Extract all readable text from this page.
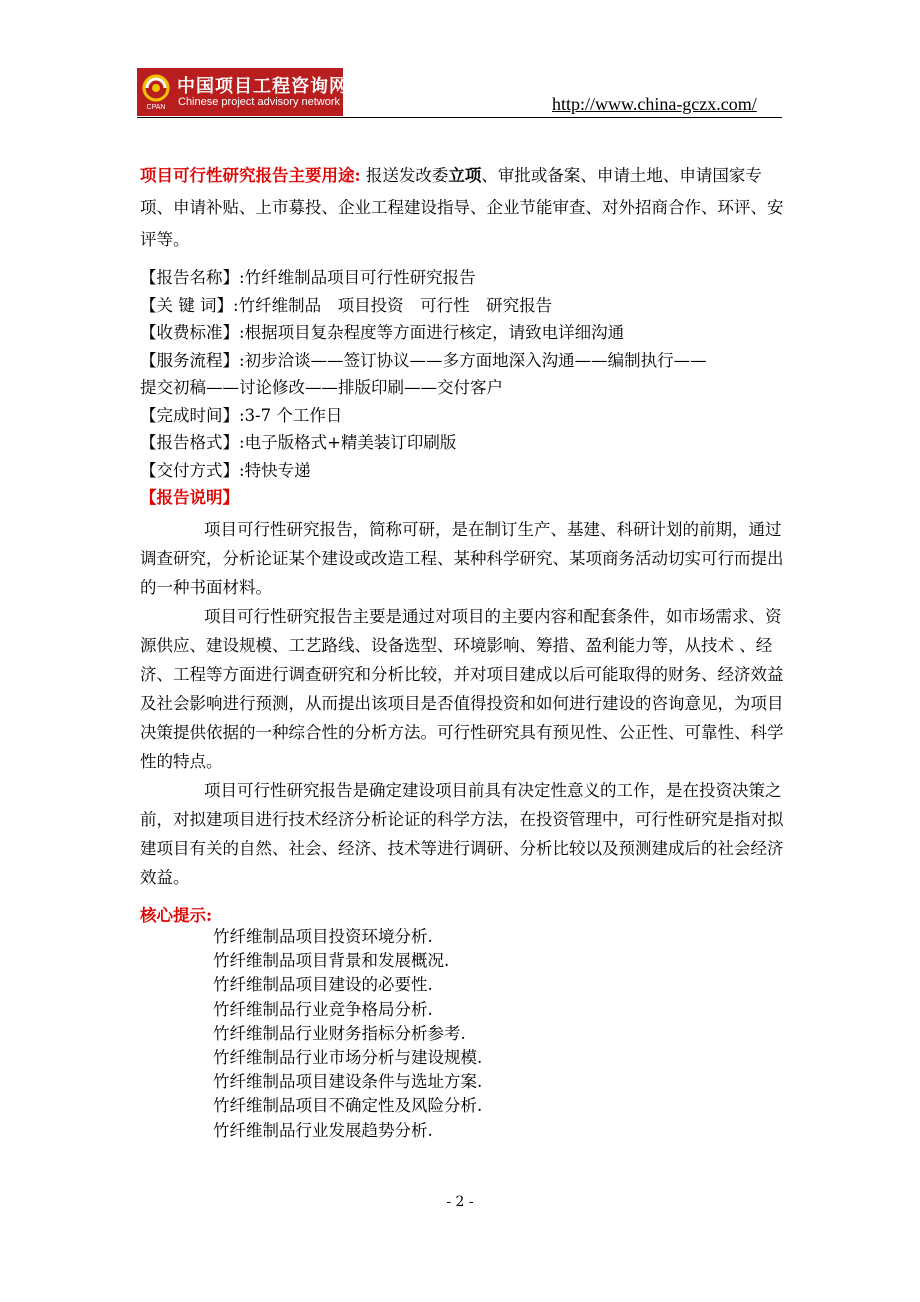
CPAN
中国项目工程咨询网
Chinese project advisory network	http://www.china-gczx.com/
项目可行性研究报告主要用途: 报送发改委立项、审批或备案、申请土地、申请国家专项、申请补贴、上市募投、企业工程建设指导、企业节能审查、对外招商合作、环评、安评等。
【报告名称】:竹纤维制品项目可行性研究报告
【关 键 词】:竹纤维制品　项目投资　可行性　研究报告
【收费标准】:根据项目复杂程度等方面进行核定，请致电详细沟通
【服务流程】:初步洽谈——签订协议——多方面地深入沟通——编制执行——
提交初稿——讨论修改——排版印刷——交付客户
【完成时间】:3-7 个工作日
【报告格式】:电子版格式+精美装订印刷版
【交付方式】:特快专递
【报告说明】

项目可行性研究报告，简称可研，是在制订生产、基建、科研计划的前期，通过调查研究，分析论证某个建设或改造工程、某种科学研究、某项商务活动切实可行而提出的一种书面材料。

项目可行性研究报告主要是通过对项目的主要内容和配套条件，如市场需求、资源供应、建设规模、工艺路线、设备选型、环境影响、筹措、盈利能力等，从技术 、经济、工程等方面进行调查研究和分析比较，并对项目建成以后可能取得的财务、经济效益及社会影响进行预测，从而提出该项目是否值得投资和如何进行建设的咨询意见，为项目决策提供依据的一种综合性的分析方法。可行性研究具有预见性、公正性、可靠性、科学性的特点。

项目可行性研究报告是确定建设项目前具有决定性意义的工作，是在投资决策之前，对拟建项目进行技术经济分析论证的科学方法，在投资管理中，可行性研究是指对拟建项目有关的自然、社会、经济、技术等进行调研、分析比较以及预测建成后的社会经济效益。

核心提示:
竹纤维制品项目投资环境分析.
竹纤维制品项目背景和发展概况.
竹纤维制品项目建设的必要性.
竹纤维制品行业竞争格局分析.
竹纤维制品行业财务指标分析参考.
竹纤维制品行业市场分析与建设规模.
竹纤维制品项目建设条件与选址方案.
竹纤维制品项目不确定性及风险分析.
竹纤维制品行业发展趋势分析.
- 2 -
